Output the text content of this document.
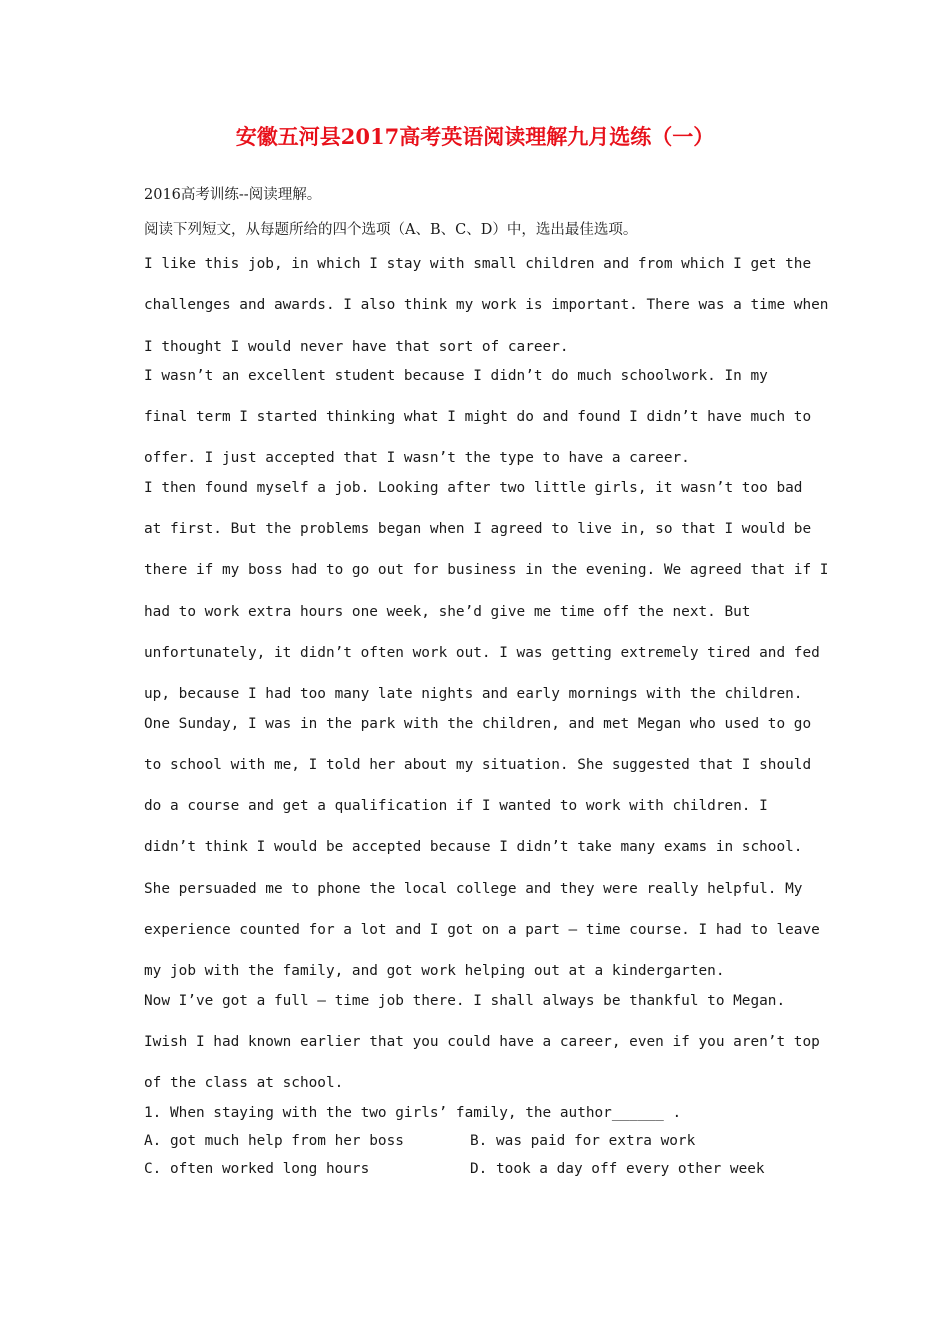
安徽五河县2017高考英语阅读理解九月选练（一）

2016高考训练--阅读理解。

阅读下列短文，从每题所给的四个选项（A、B、C、D）中，选出最佳选项。

I like this job, in which I stay with small children and from which I get the
challenges and awards. I also think my work is important. There was a time when
I thought I would never have that sort of career.
I wasn’t an excellent student because I didn’t do much schoolwork. In my
final term I started thinking what I might do and found I didn’t have much to
offer. I just accepted that I wasn’t the type to have a career.
I then found myself a job. Looking after two little girls, it wasn’t too bad
at first. But the problems began when I agreed to live in, so that I would be
there if my boss had to go out for business in the evening. We agreed that if I
had to work extra hours one week, she’d give me time off the next. But
unfortunately, it didn’t often work out. I was getting extremely tired and fed
up, because I had too many late nights and early mornings with the children.
One Sunday, I was in the park with the children, and met Megan who used to go
to school with me, I told her about my situation. She suggested that I should
do a course and get a qualification if I wanted to work with children. I
didn’t think I would be accepted because I didn’t take many exams in school.
She persuaded me to phone the local college and they were really helpful. My
experience counted for a lot and I got on a part – time course. I had to leave
my job with the family, and got work helping out at a kindergarten.
Now I’ve got a full – time job there. I shall always be thankful to Megan.
Iwish I had known earlier that you could have a career, even if you aren’t top
of the class at school.

1. When staying with the two girls’ family, the author______ .

A. got much help from her boss	B. was paid for extra work
C. often worked long hours	D. took a day off every other week
